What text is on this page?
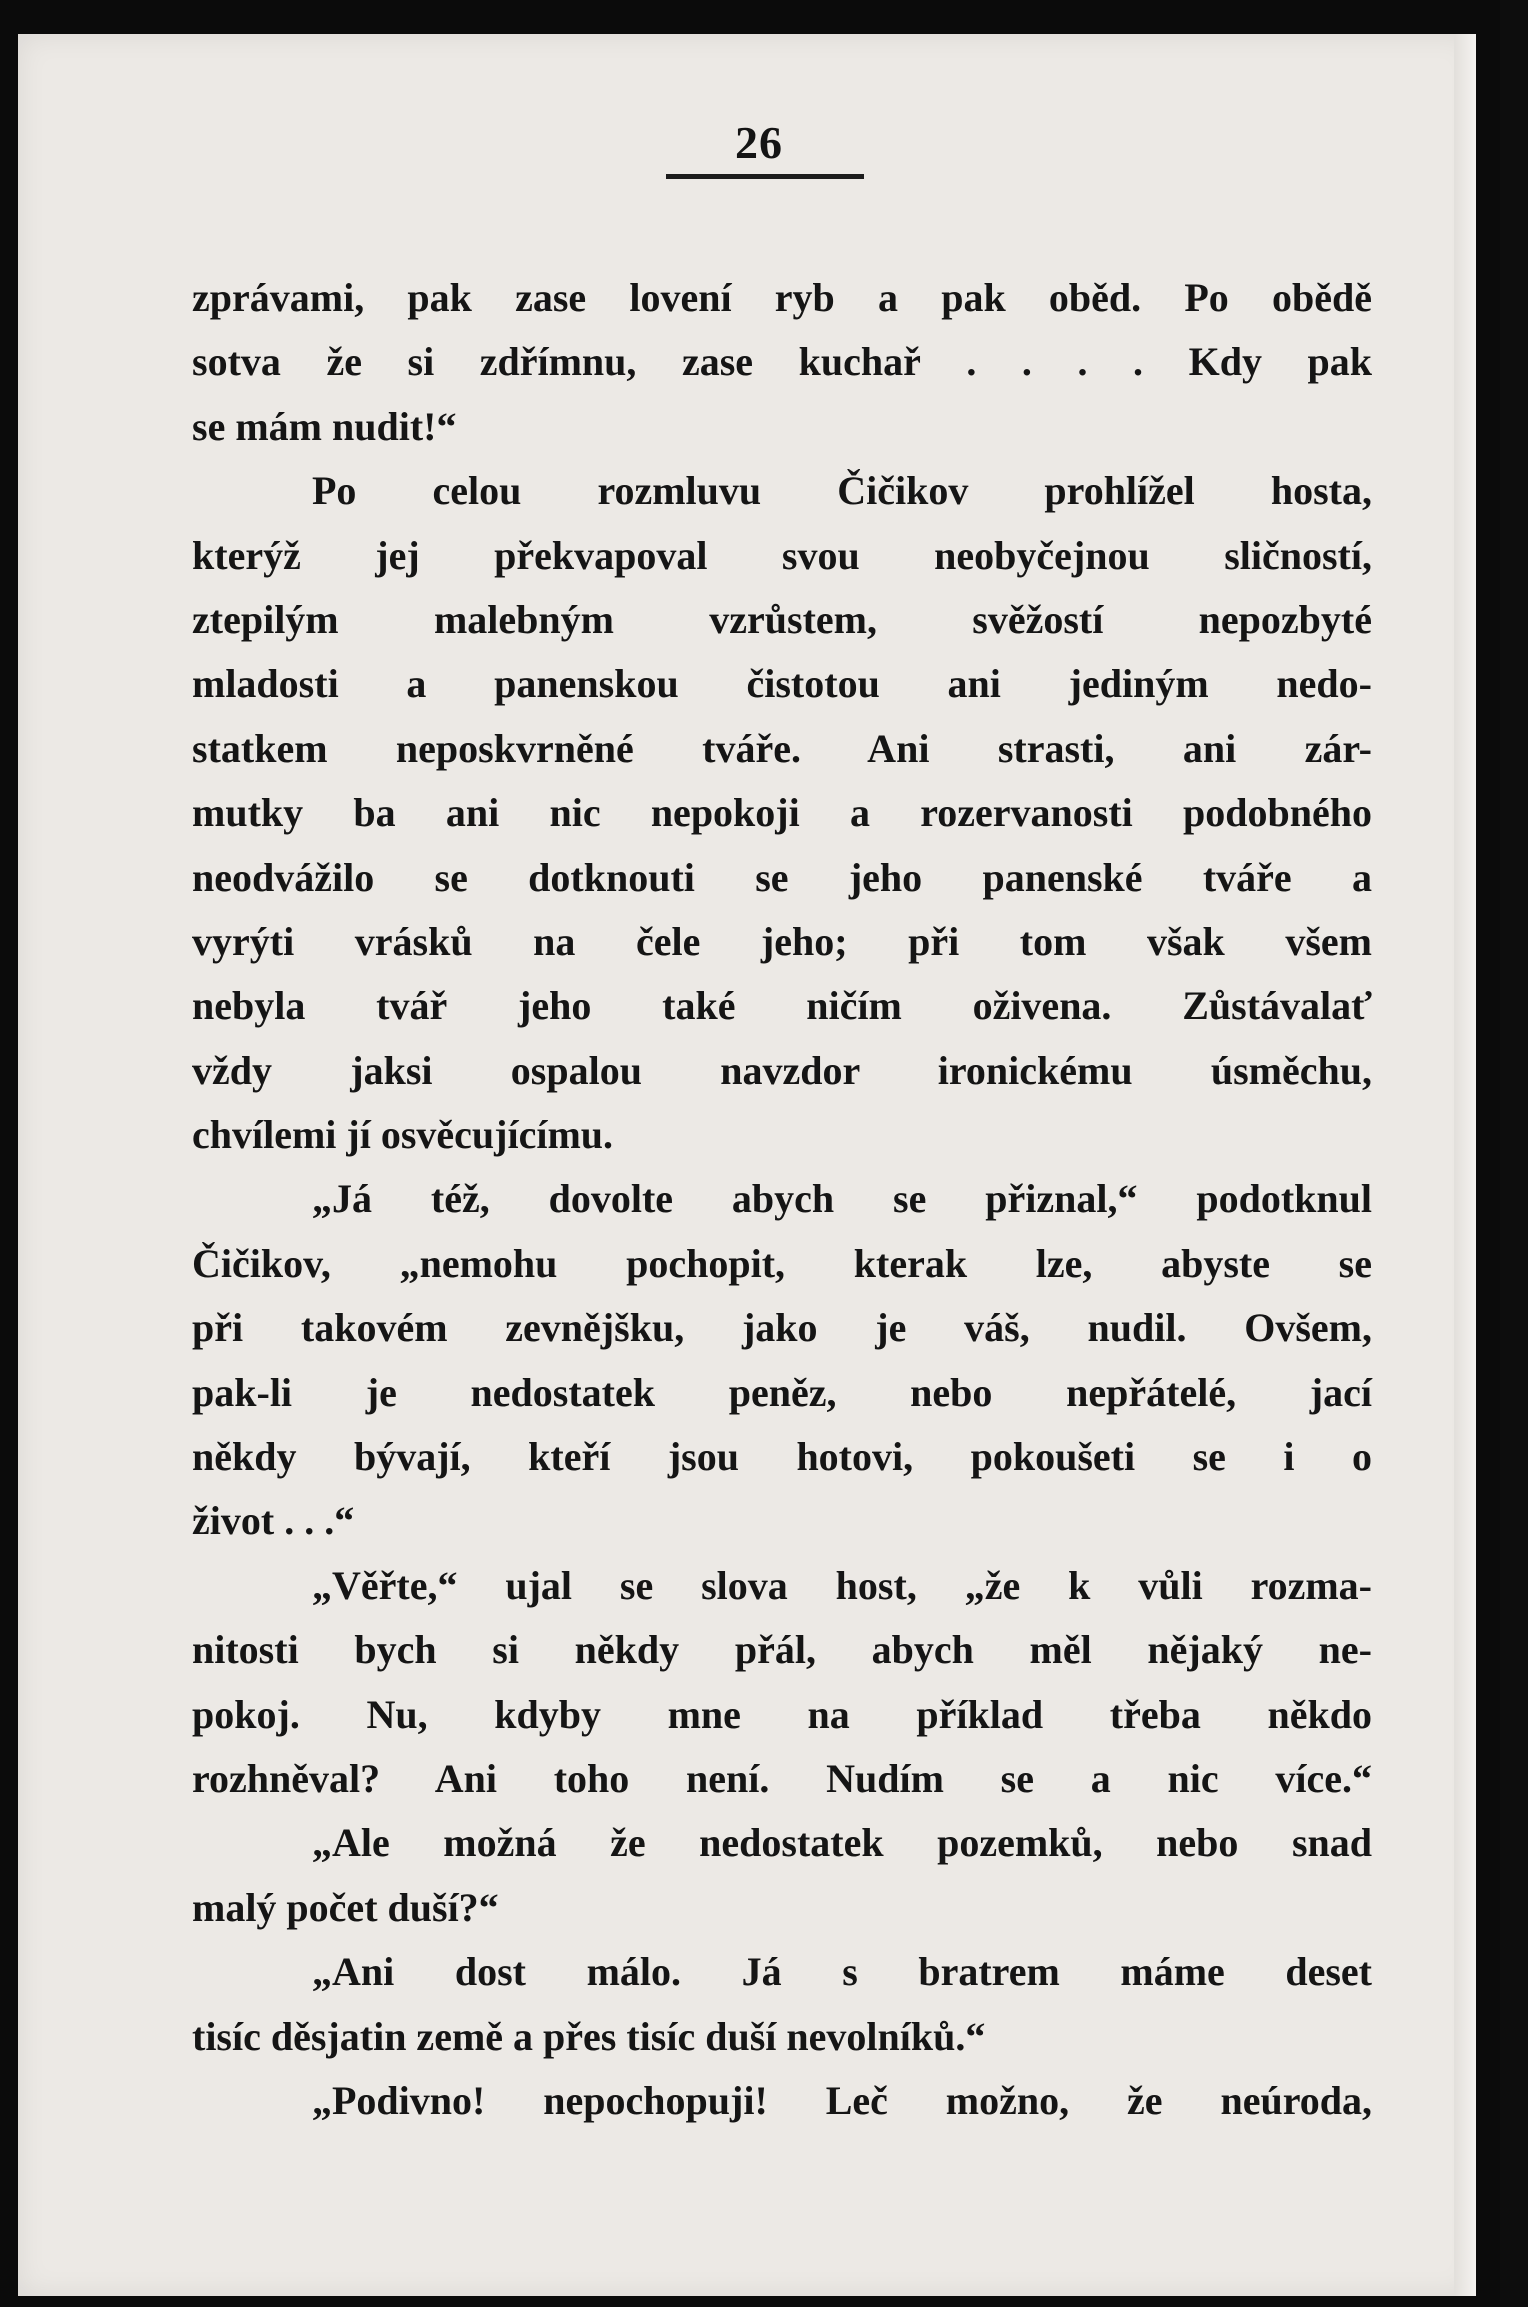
26
zprávami, pak zase lovení ryb a pak oběd. Po obědě
sotva že si zdřímnu, zase kuchař . . . . Kdy pak
se mám nudit!“
Po celou rozmluvu Čičikov prohlížel hosta,
kterýž jej překvapoval svou neobyčejnou sličností,
ztepilým malebným vzrůstem, svěžostí nepozbyté
mladosti a panenskou čistotou ani jediným nedo-
statkem neposkvrněné tváře. Ani strasti, ani zár-
mutky ba ani nic nepokoji a rozervanosti podobného
neodvážilo se dotknouti se jeho panenské tváře a
vyrýti vrásků na čele jeho; při tom však všem
nebyla tvář jeho také ničím oživena. Zůstávalať
vždy jaksi ospalou navzdor ironickému úsměchu,
chvílemi jí osvěcujícímu.
„Já též, dovolte abych se přiznal,“ podotknul
Čičikov, „nemohu pochopit, kterak lze, abyste se
při takovém zevnějšku, jako je váš, nudil. Ovšem,
pak-li je nedostatek peněz, nebo nepřátelé, jací
někdy bývají, kteří jsou hotovi, pokoušeti se i o
život . . .“
„Věřte,“ ujal se slova host, „že k vůli rozma-
nitosti bych si někdy přál, abych měl nějaký ne-
pokoj. Nu, kdyby mne na příklad třeba někdo
rozhněval? Ani toho není. Nudím se a nic více.“
„Ale možná že nedostatek pozemků, nebo snad
malý počet duší?“
„Ani dost málo. Já s bratrem máme deset
tisíc děsjatin země a přes tisíc duší nevolníků.“
„Podivno! nepochopuji! Leč možno, že neúroda,
